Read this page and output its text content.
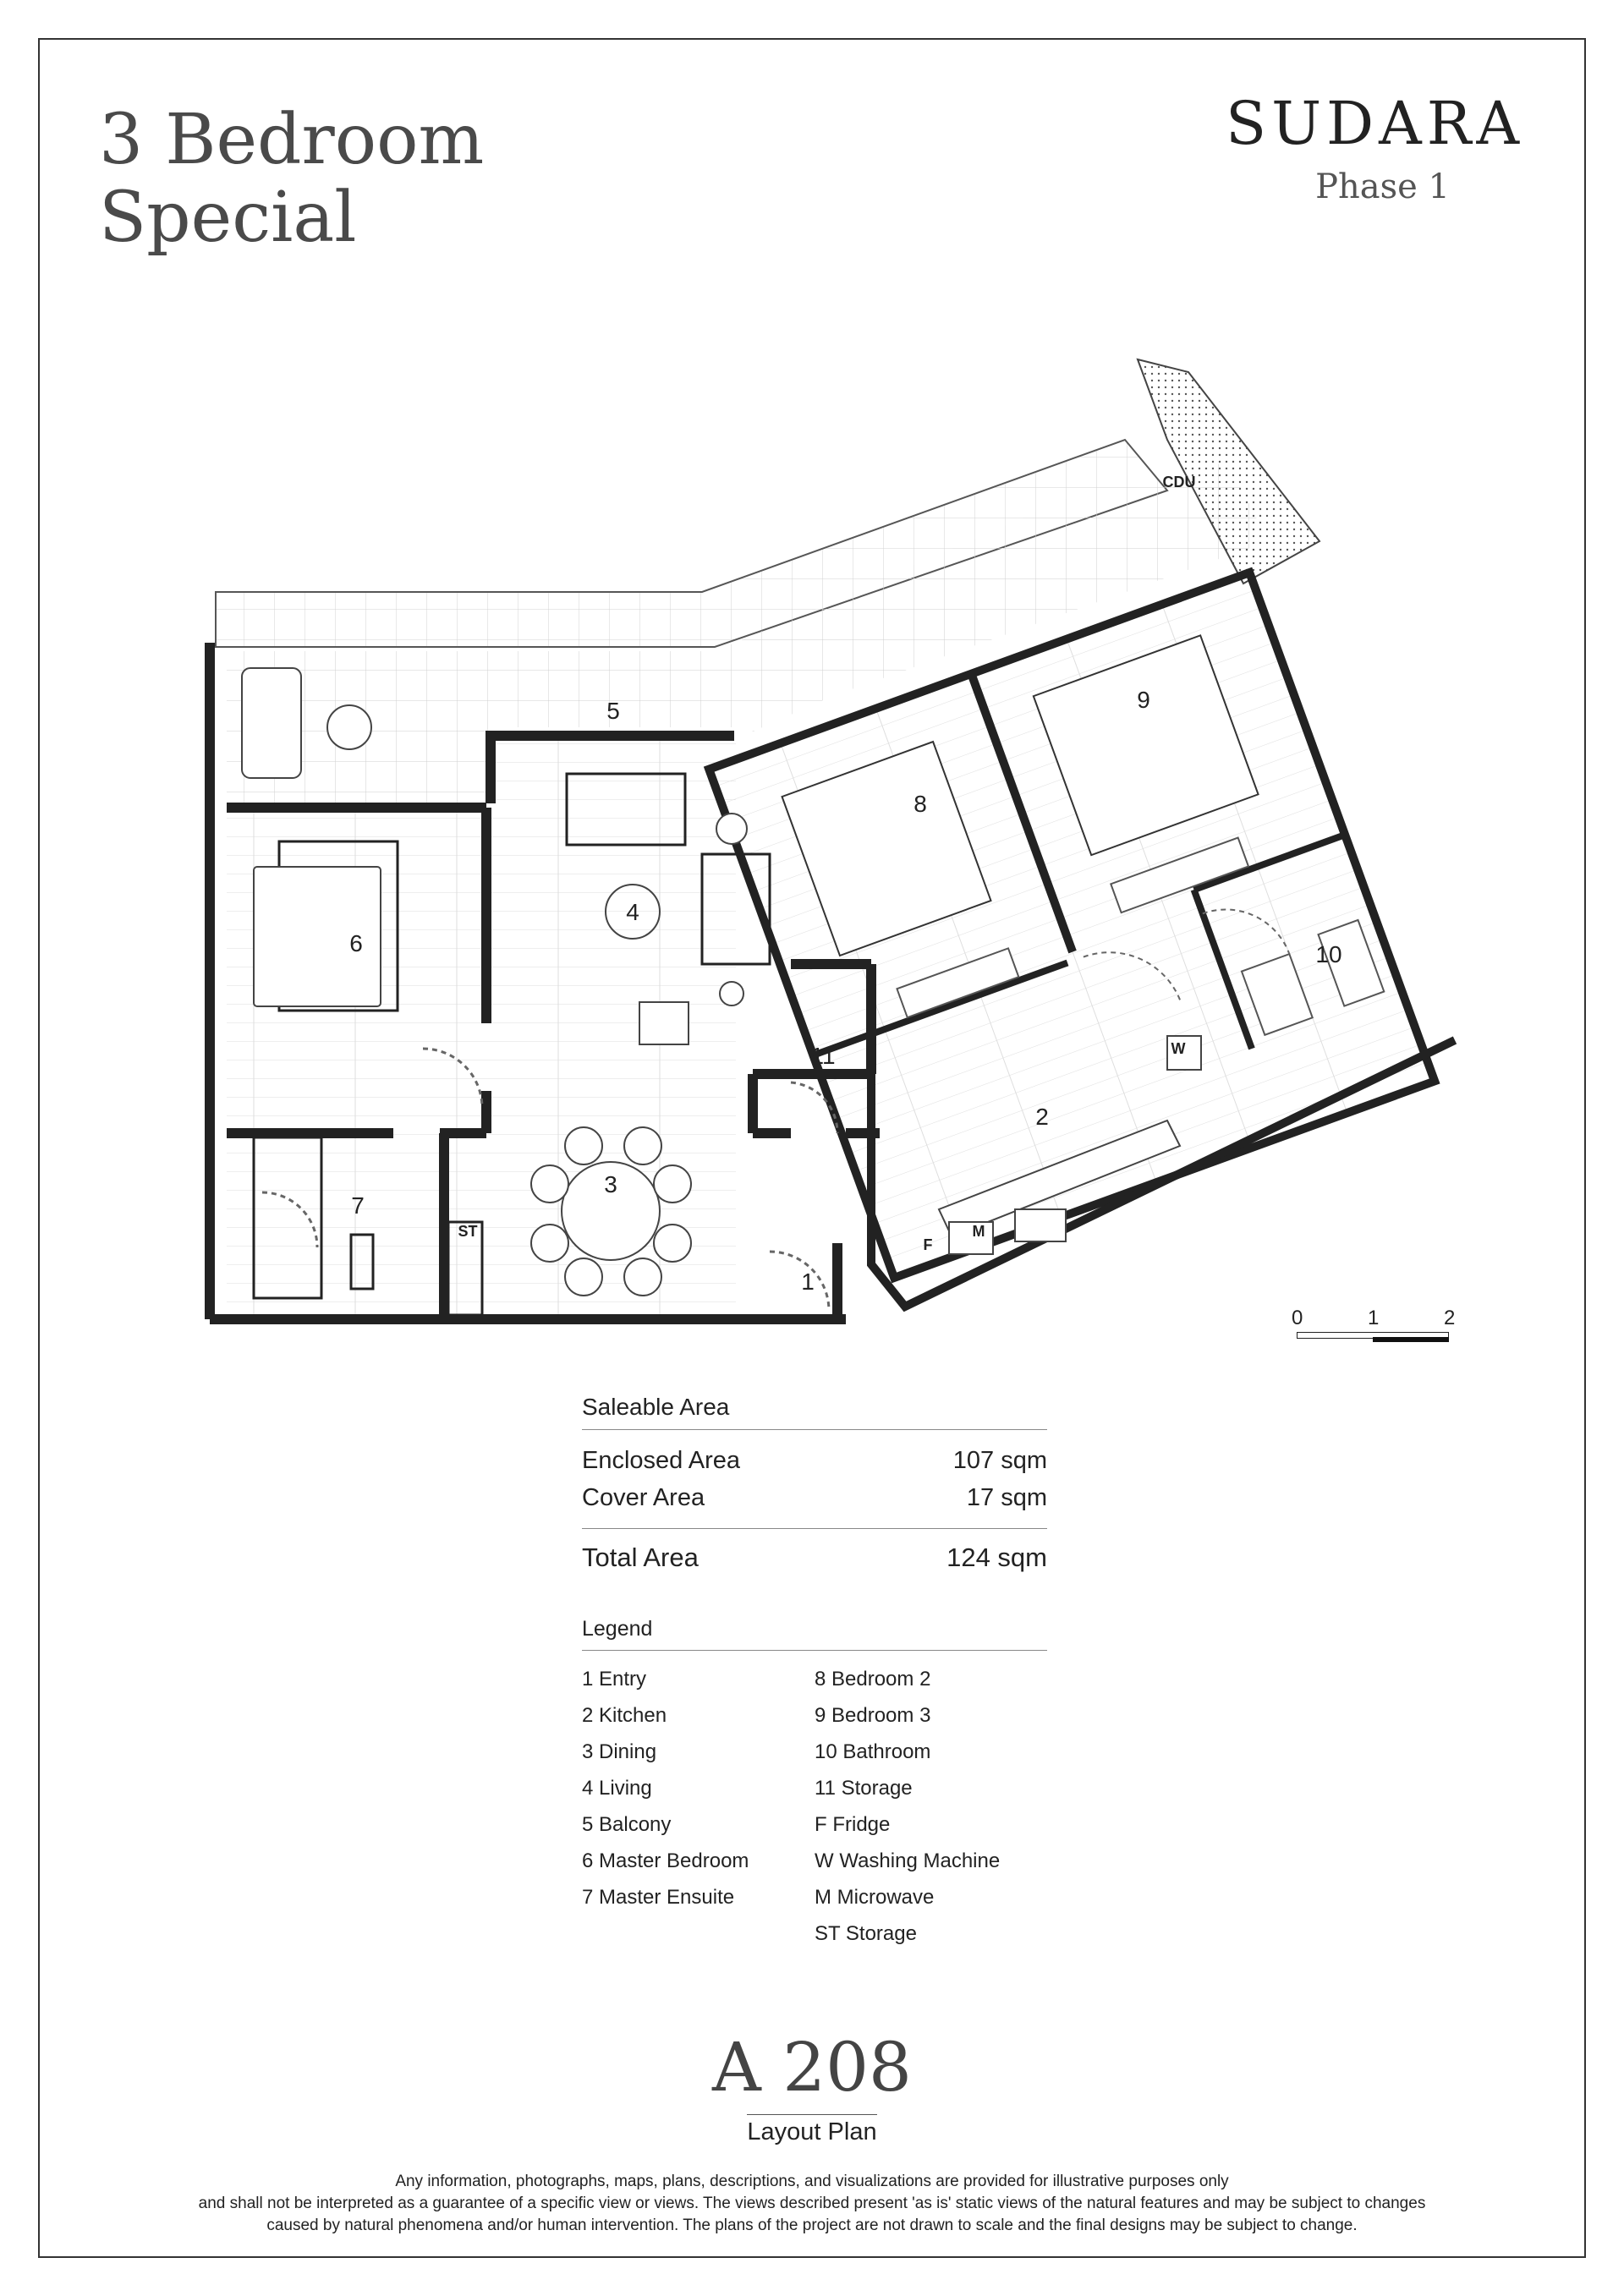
3 Bedroom
Special
SUDARA
Phase 1
1
2
3
4
5
6
7
8
9
10
11
CDU
W
F
M
ST
0	1	2
Saleable Area
Enclosed Area	107 sqm
Cover Area	17 sqm
Total Area	124 sqm
Legend
1 Entry
2 Kitchen
3 Dining
4 Living
5 Balcony
6 Master Bedroom
7 Master Ensuite
8 Bedroom 2
9 Bedroom 3
10 Bathroom
11 Storage
F Fridge
W Washing Machine
M Microwave
ST Storage
A 208
Layout Plan
Any information, photographs, maps, plans, descriptions, and visualizations are provided for illustrative purposes only
and shall not be interpreted as a guarantee of a specific view or views. The views described present 'as is' static views of the natural features and may be subject to changes
caused by natural phenomena and/or human intervention. The plans of the project are not drawn to scale and the final designs may be subject to change.
